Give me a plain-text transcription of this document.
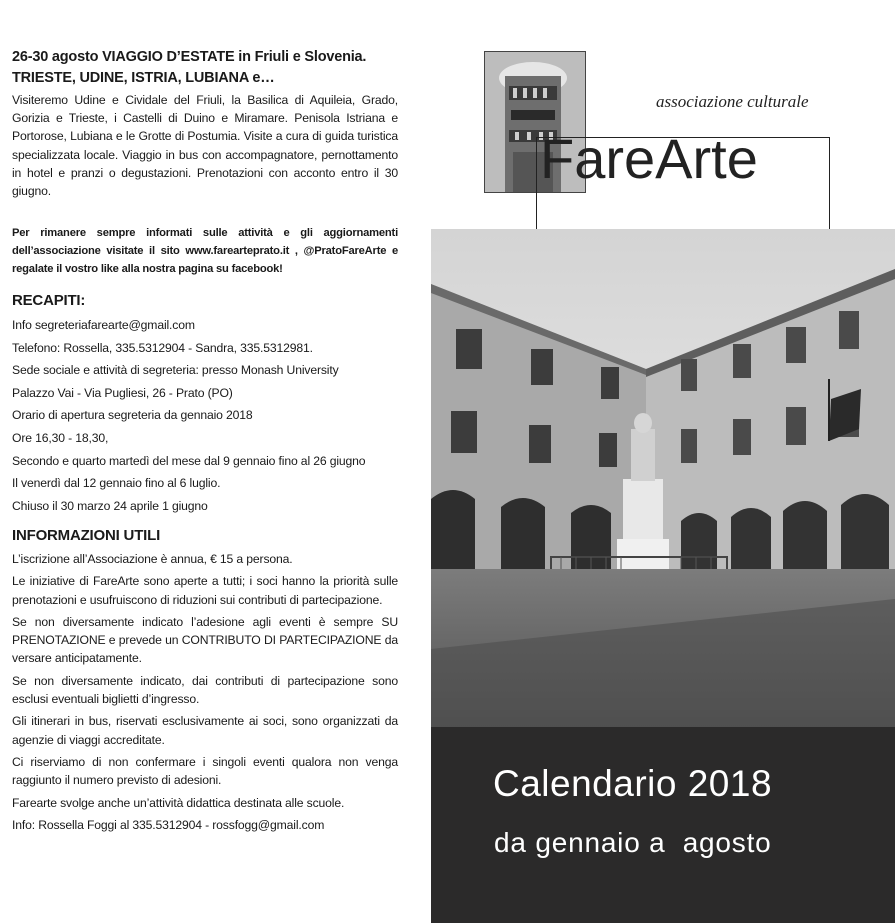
26-30 agosto VIAGGIO D’ESTATE in Friuli e Slovenia.
TRIESTE, UDINE, ISTRIA, LUBIANA e…
Visiteremo Udine e Cividale del Friuli, la Basilica di Aquileia, Grado, Gorizia e Trieste, i Castelli di Duino e Miramare. Penisola Istriana e Portorose, Lubiana e le Grotte di Postumia. Visite a cura di guida turistica specializzata locale. Viaggio in bus con accompagnatore, pernottamento in hotel e pranzi o degustazioni. Prenotazioni con acconto entro il 30 giugno.
Per rimanere sempre informati sulle attività e gli aggiornamenti dell’associazione visitate il sito www.fareartеprato.it , @PratoFareArte e regalate il vostro like alla nostra pagina su facebook!
RECAPITI:
Info segreteriafarearte@gmail.com
Telefono: Rossella, 335.5312904 - Sandra, 335.5312981.
Sede sociale e attività di segreteria: presso Monash University
Palazzo Vai - Via Pugliesi, 26 - Prato (PO)
Orario di apertura segreteria da gennaio 2018
Ore 16,30 - 18,30,
Secondo e quarto martedì del mese dal 9 gennaio fino al 26 giugno
Il venerdì dal 12 gennaio fino al 6 luglio.
Chiuso il 30 marzo 24 aprile 1 giugno
INFORMAZIONI UTILI
L’iscrizione all’Associazione è annua, € 15 a persona.
Le iniziative di FareArte sono aperte a tutti; i soci hanno la priorità sulle prenotazioni e usufruiscono di riduzioni sui contributi di partecipazione.
Se non diversamente indicato l’adesione agli eventi è sempre SU PRENOTAZIONE e prevede un CONTRIBUTO DI PARTECIPAZIONE da versare anticipatamente.
Se non diversamente indicato, dai contributi di partecipazione sono esclusi eventuali biglietti d’ingresso.
Gli itinerari in bus, riservati esclusivamente ai soci, sono organizzati da agenzie di viaggi accreditate.
Ci riserviamo di non confermare i singoli eventi qualora non venga raggiunto il numero previsto di adesioni.
Farearte svolge anche un’attività didattica destinata alle scuole.
Info: Rossella Foggi al 335.5312904 - rossfogg@gmail.com
associazione culturale
FareArte
Calendario 2018
da gennaio a  agosto
